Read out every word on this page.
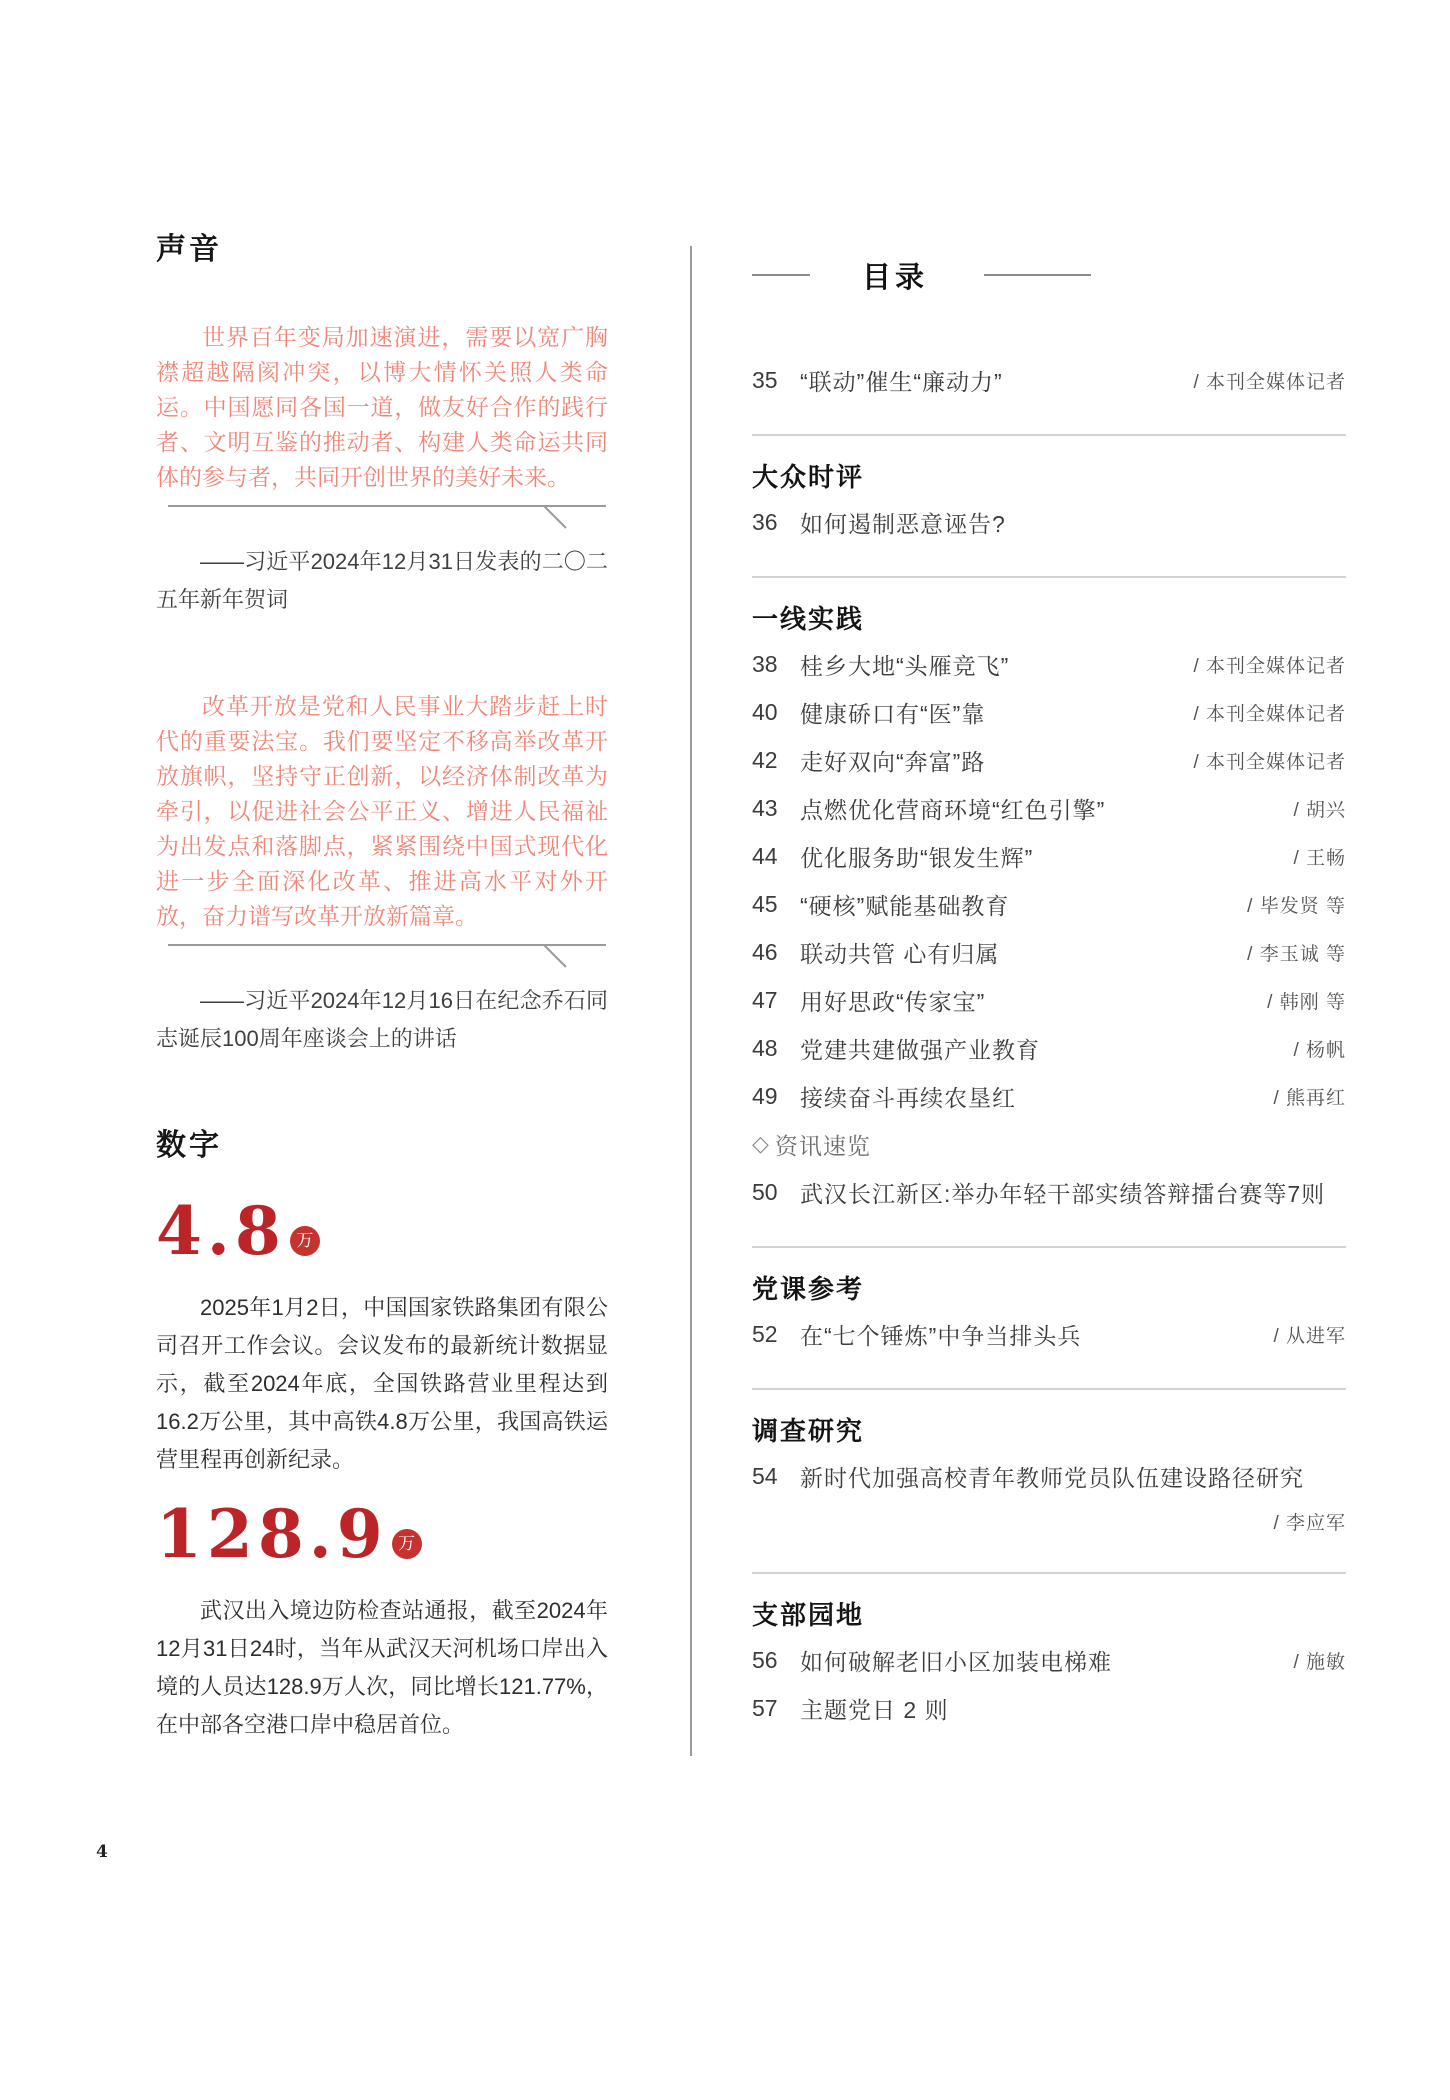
声音

世界百年变局加速演进，需要以宽广胸襟超越隔阂冲突，以博大情怀关照人类命运。中国愿同各国一道，做友好合作的践行者、文明互鉴的推动者、构建人类命运共同体的参与者，共同开创世界的美好未来。

——习近平2024年12月31日发表的二〇二五年新年贺词

改革开放是党和人民事业大踏步赶上时代的重要法宝。我们要坚定不移高举改革开放旗帜，坚持守正创新，以经济体制改革为牵引，以促进社会公平正义、增进人民福祉为出发点和落脚点，紧紧围绕中国式现代化进一步全面深化改革、推进高水平对外开放，奋力谱写改革开放新篇章。

——习近平2024年12月16日在纪念乔石同志诞辰100周年座谈会上的讲话

数字
4.8 万

2025年1月2日，中国国家铁路集团有限公司召开工作会议。会议发布的最新统计数据显示，截至2024年底，全国铁路营业里程达到16.2万公里，其中高铁4.8万公里，我国高铁运营里程再创新纪录。

128.9 万

武汉出入境边防检查站通报，截至2024年12月31日24时，当年从武汉天河机场口岸出入境的人员达128.9万人次，同比增长121.77%，在中部各空港口岸中稳居首位。

目录
35 “联动”催生“廉动力”	/ 本刊全媒体记者
大众时评
36 如何遏制恶意诬告?
一线实践
38 桂乡大地“头雁竞飞”	/ 本刊全媒体记者
40 健康硚口有“医”靠	/ 本刊全媒体记者
42 走好双向“奔富”路	/ 本刊全媒体记者
43 点燃优化营商环境“红色引擎”	/ 胡兴
44 优化服务助“银发生辉”	/ 王畅
45 “硬核”赋能基础教育	/ 毕发贤 等
46 联动共管 心有归属	/ 李玉诚 等
47 用好思政“传家宝”	/ 韩刚 等
48 党建共建做强产业教育	/ 杨帆
49 接续奋斗再续农垦红	/ 熊再红
◇ 资讯速览
50 武汉长江新区:举办年轻干部实绩答辩擂台赛等7则
党课参考
52 在“七个锤炼”中争当排头兵	/ 从进军
调查研究
54 新时代加强高校青年教师党员队伍建设路径研究
/ 李应军
支部园地
56 如何破解老旧小区加装电梯难	/ 施敏
57 主题党日 2 则
4
